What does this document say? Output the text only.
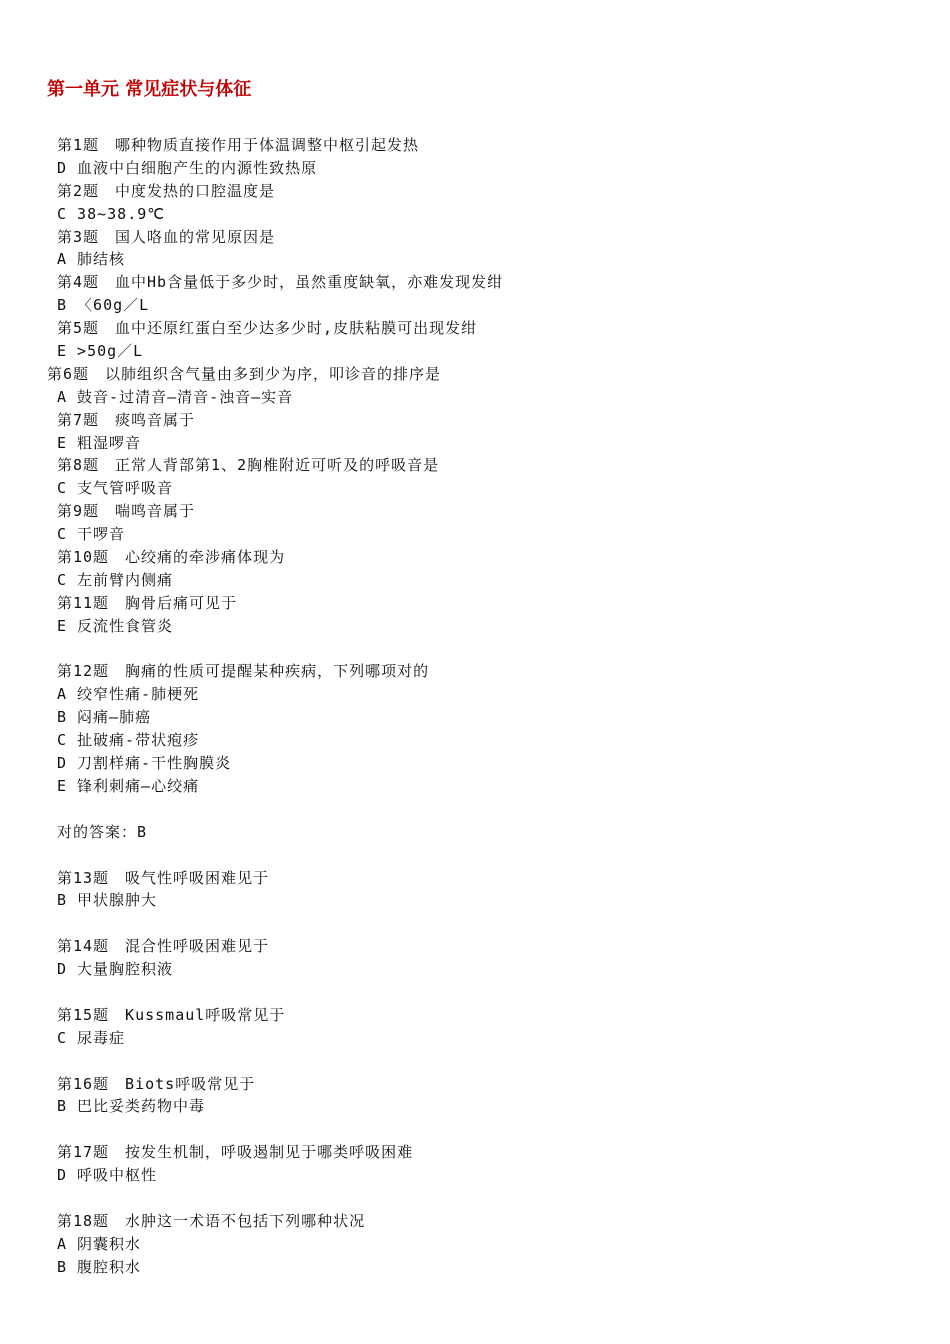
第一单元 常见症状与体征
第1题　哪种物质直接作用于体温调整中枢引起发热
D 血液中白细胞产生的内源性致热原
第2题　中度发热的口腔温度是
C 38~38.9℃
第3题　国人咯血的常见原因是
A 肺结核
第4题　血中Hb含量低于多少时，虽然重度缺氧，亦难发现发绀
B 〈60g／L
第5题　血中还原红蛋白至少达多少时,皮肤粘膜可出现发绀
E >50g／L
第6题　以肺组织含气量由多到少为序，叩诊音的排序是
A 鼓音-过清音—清音-浊音—实音
第7题　痰鸣音属于
E 粗湿啰音
第8题　正常人背部第1、2胸椎附近可听及的呼吸音是
C 支气管呼吸音
第9题　喘鸣音属于
C 干啰音
第10题　心绞痛的牵涉痛体现为
C 左前臂内侧痛
第11题　胸骨后痛可见于
E 反流性食管炎
第12题　胸痛的性质可提醒某种疾病，下列哪项对的
A 绞窄性痛-肺梗死
B 闷痛—肺癌
C 扯破痛-带状疱疹
D 刀割样痛-干性胸膜炎
E 锋利刺痛—心绞痛
对的答案：B
第13题　吸气性呼吸困难见于
B 甲状腺肿大
第14题　混合性呼吸困难见于
D 大量胸腔积液
第15题　Kussmaul呼吸常见于
C 尿毒症
第16题　Biots呼吸常见于
B 巴比妥类药物中毒
第17题　按发生机制，呼吸遏制见于哪类呼吸困难
D 呼吸中枢性
第18题　水肿这一术语不包括下列哪种状况
A 阴囊积水
B 腹腔积水
